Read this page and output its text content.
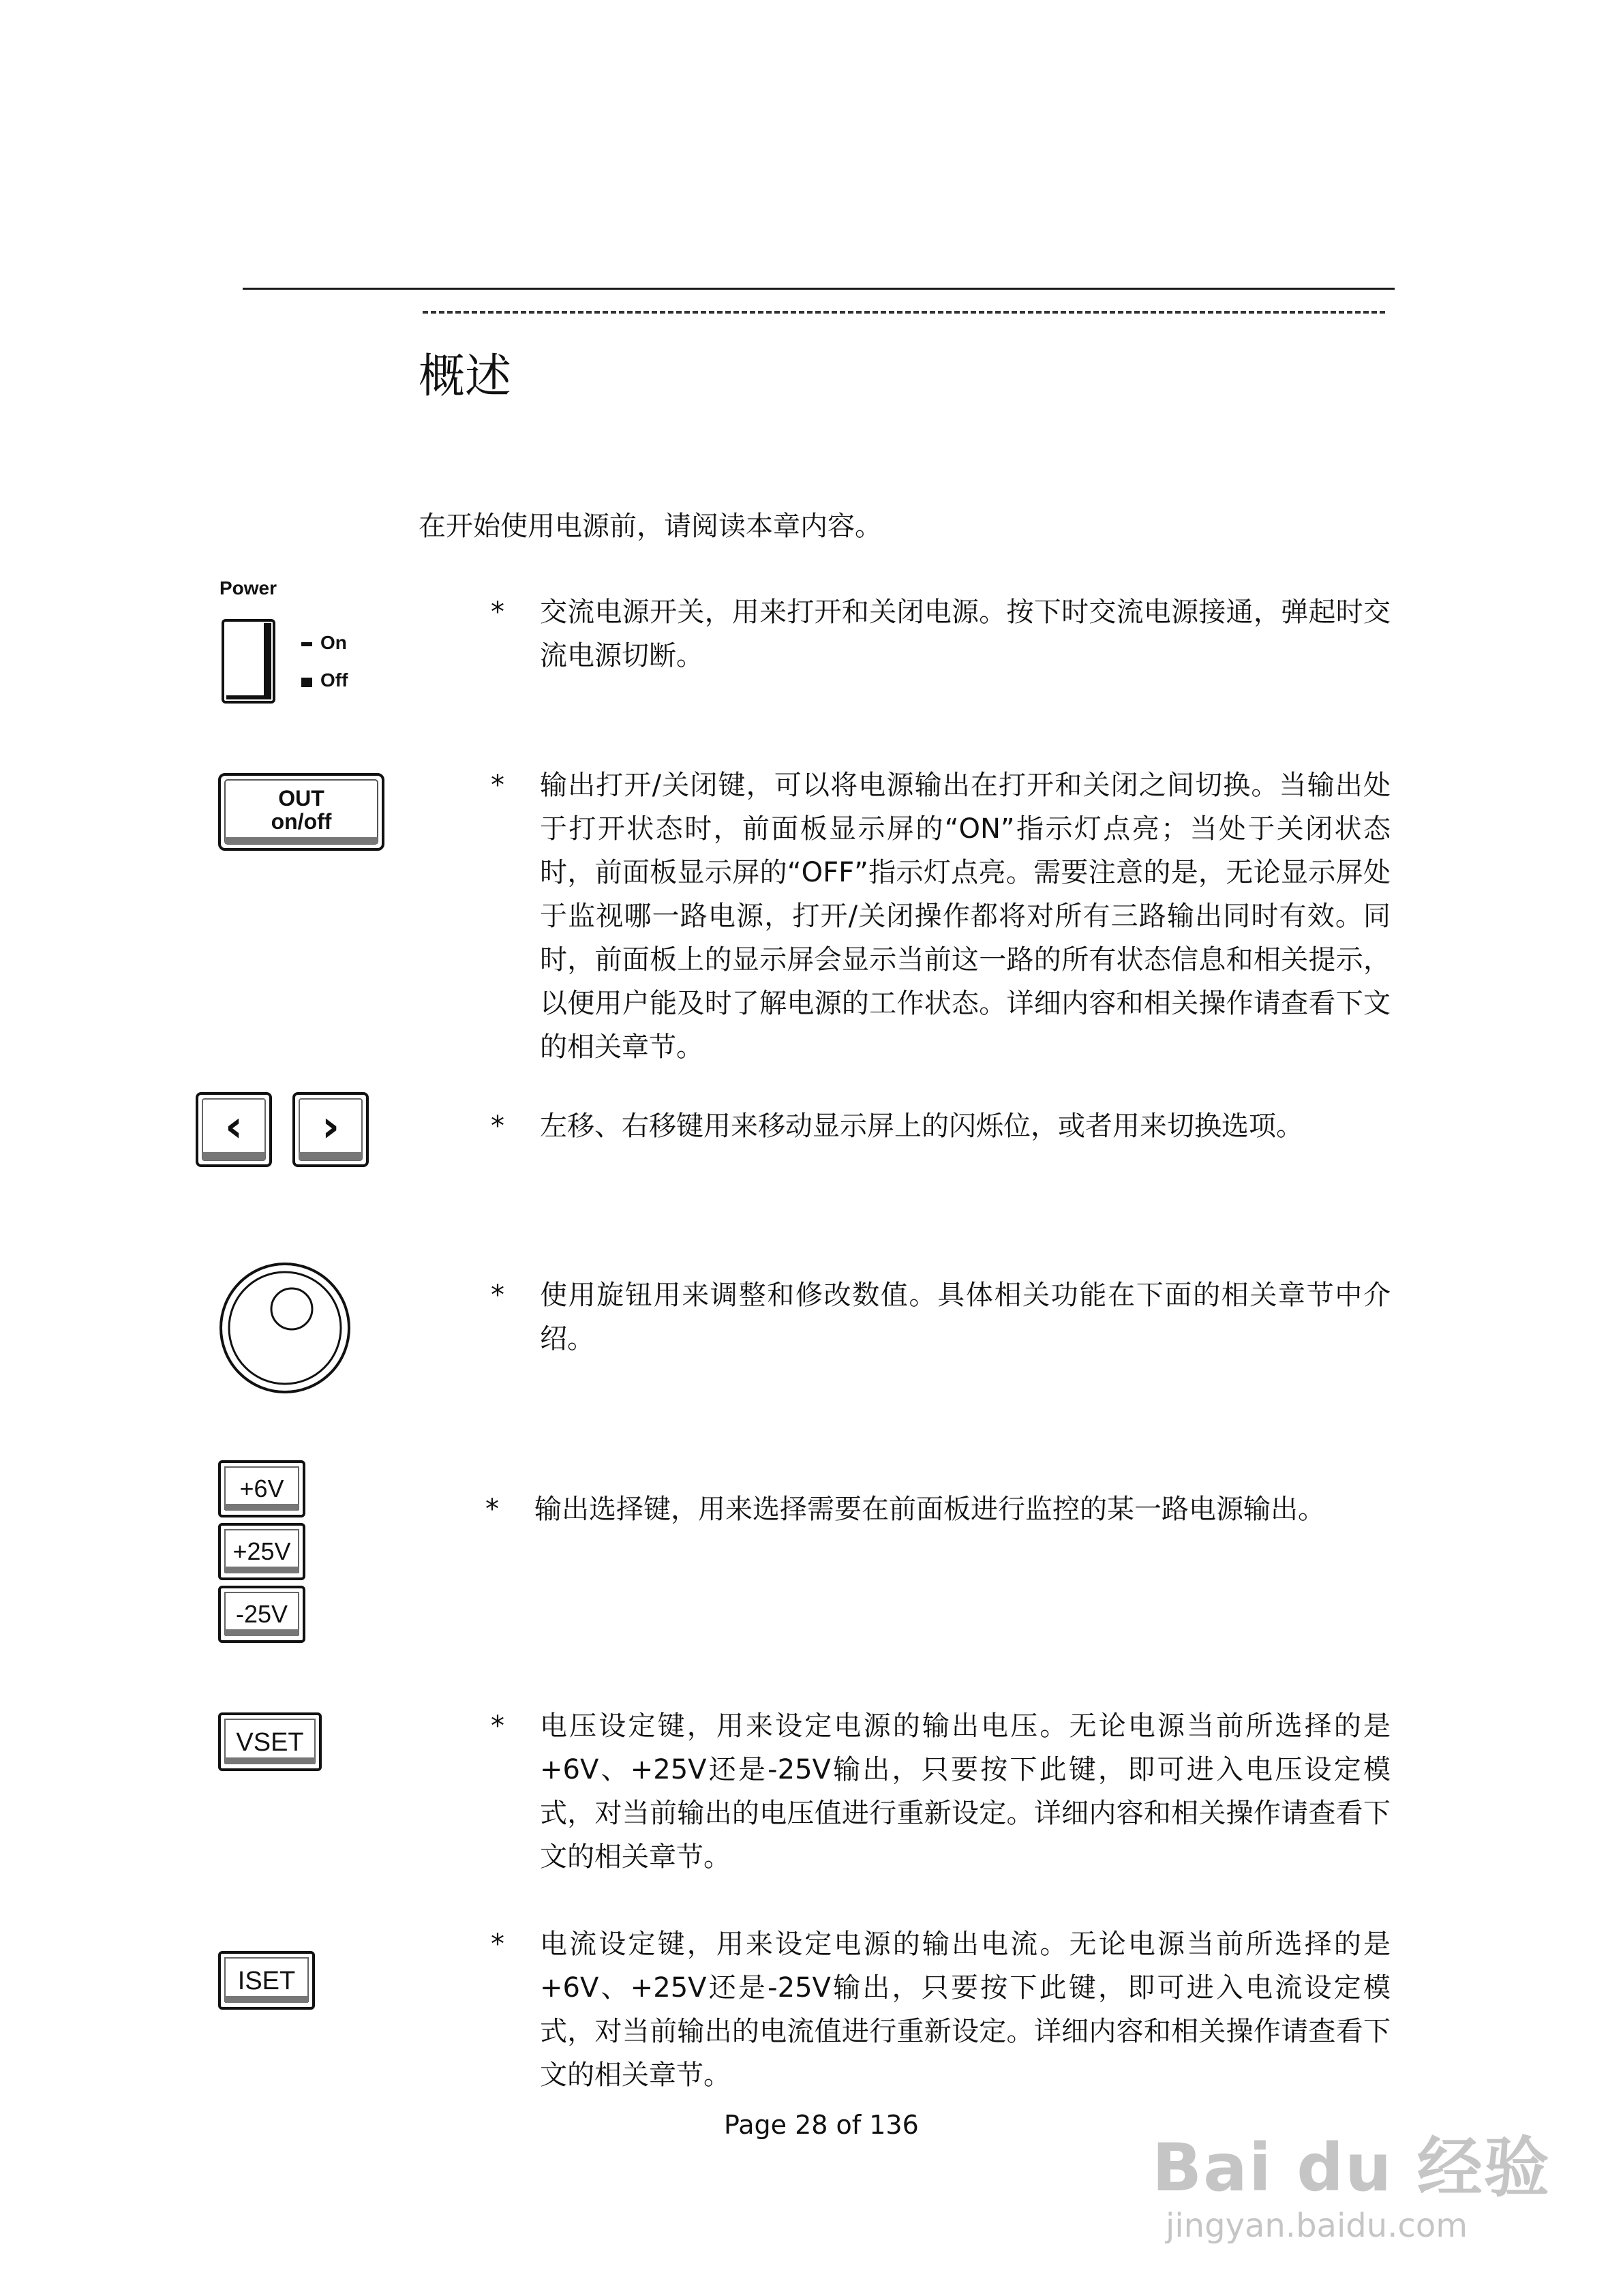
概述
在开始使用电源前，请阅读本章内容。
Power
On
Off
OUT
on/off
‹ ›
+6V
+25V
-25V
VSET
ISET
*	交流电源开关，用来打开和关闭电源。按下时交流电源接通，弹起时交流电源切断。
*	输出打开/关闭键，可以将电源输出在打开和关闭之间切换。当输出处于打开状态时，前面板显示屏的“ON”指示灯点亮；当处于关闭状态时，前面板显示屏的“OFF”指示灯点亮。需要注意的是，无论显示屏处于监视哪一路电源，打开/关闭操作都将对所有三路输出同时有效。同时，前面板上的显示屏会显示当前这一路的所有状态信息和相关提示，以便用户能及时了解电源的工作状态。详细内容和相关操作请查看下文的相关章节。
*	左移、右移键用来移动显示屏上的闪烁位，或者用来切换选项。
*	使用旋钮用来调整和修改数值。具体相关功能在下面的相关章节中介绍。
*	输出选择键，用来选择需要在前面板进行监控的某一路电源输出。
*	电压设定键，用来设定电源的输出电压。无论电源当前所选择的是+6V、+25V还是-25V输出，只要按下此键，即可进入电压设定模式，对当前输出的电压值进行重新设定。详细内容和相关操作请查看下文的相关章节。
*	电流设定键，用来设定电源的输出电流。无论电源当前所选择的是+6V、+25V还是-25V输出，只要按下此键，即可进入电流设定模式，对当前输出的电流值进行重新设定。详细内容和相关操作请查看下文的相关章节。
Page 28 of 136
Bai du 经验
jingyan.baidu.com
